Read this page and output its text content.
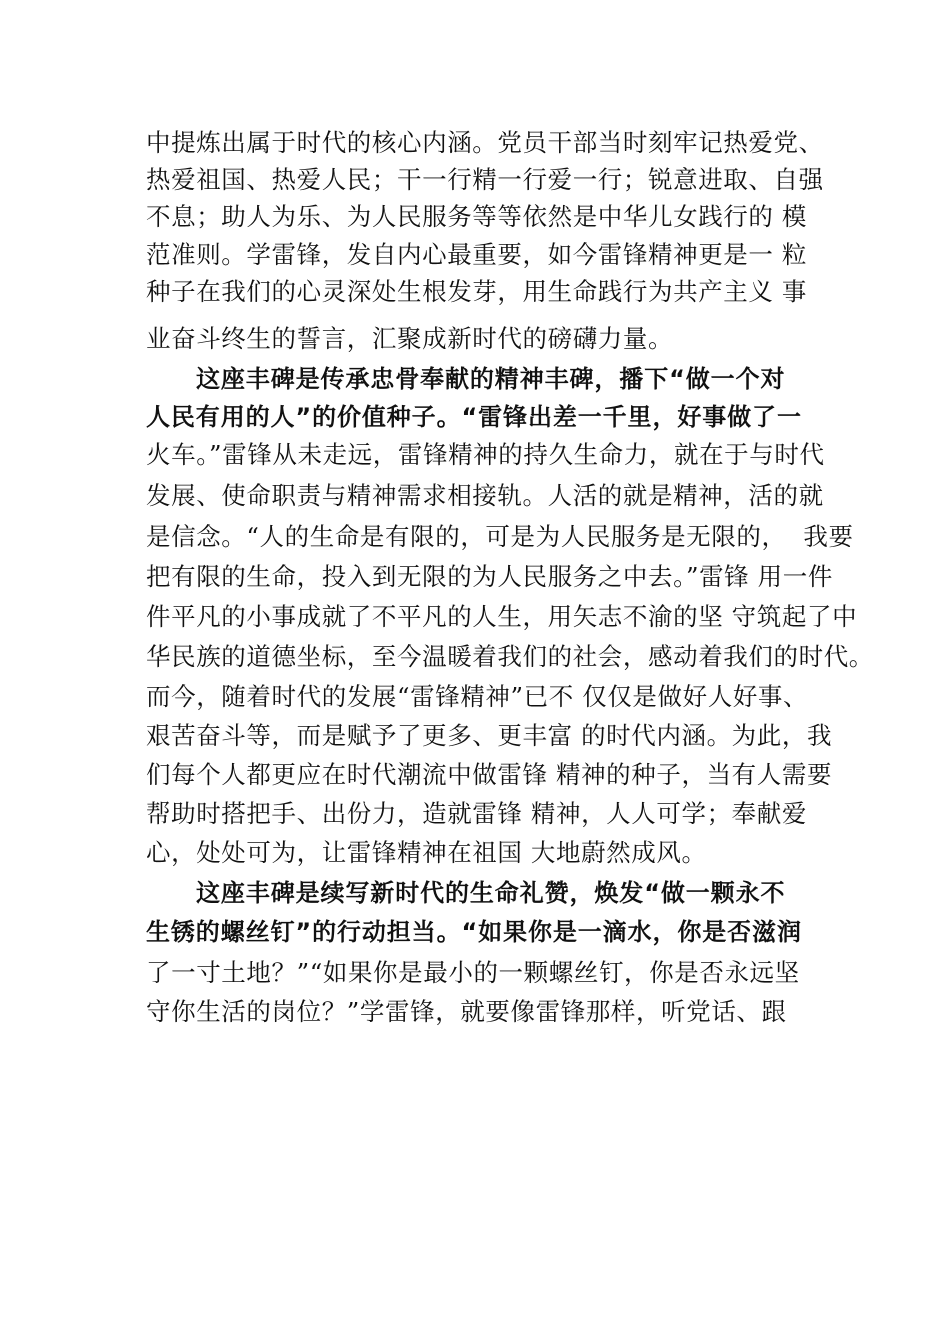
中提炼出属于时代的核心内涵。党员干部当时刻牢记热爱党、
热爱祖国、热爱人民；干一行精一行爱一行；锐意进取、自强
不息；助人为乐、为人民服务等等依然是中华儿女践行的 模
范准则。学雷锋，发自内心最重要，如今雷锋精神更是一 粒
种子在我们的心灵深处生根发芽，用生命践行为共产主义 事
业奋斗终生的誓言，汇聚成新时代的磅礴力量。
这座丰碑是传承忠骨奉献的精神丰碑，播下“做一个对
人民有用的人”的价值种子。“雷锋出差一千里，好事做了一
火车。”雷锋从未走远，雷锋精神的持久生命力，就在于与时代
发展、使命职责与精神需求相接轨。人活的就是精神，活的就
是信念。“人的生命是有限的，可是为人民服务是无限的，  我要
把有限的生命，投入到无限的为人民服务之中去。”雷锋 用一件
件平凡的小事成就了不平凡的人生，用矢志不渝的坚 守筑起了中
华民族的道德坐标，至今温暖着我们的社会，感动着我们的时代。
而今，随着时代的发展“雷锋精神”已不 仅仅是做好人好事、
艰苦奋斗等，而是赋予了更多、更丰富 的时代内涵。为此，我
们每个人都更应在时代潮流中做雷锋 精神的种子，当有人需要
帮助时搭把手、出份力，造就雷锋 精神，人人可学；奉献爱
心，处处可为，让雷锋精神在祖国 大地蔚然成风。
这座丰碑是续写新时代的生命礼赞，焕发“做一颗永不
生锈的螺丝钉”的行动担当。“如果你是一滴水，你是否滋润
了一寸土地？”“如果你是最小的一颗螺丝钉，你是否永远坚
守你生活的岗位？”学雷锋，就要像雷锋那样，听党话、跟
